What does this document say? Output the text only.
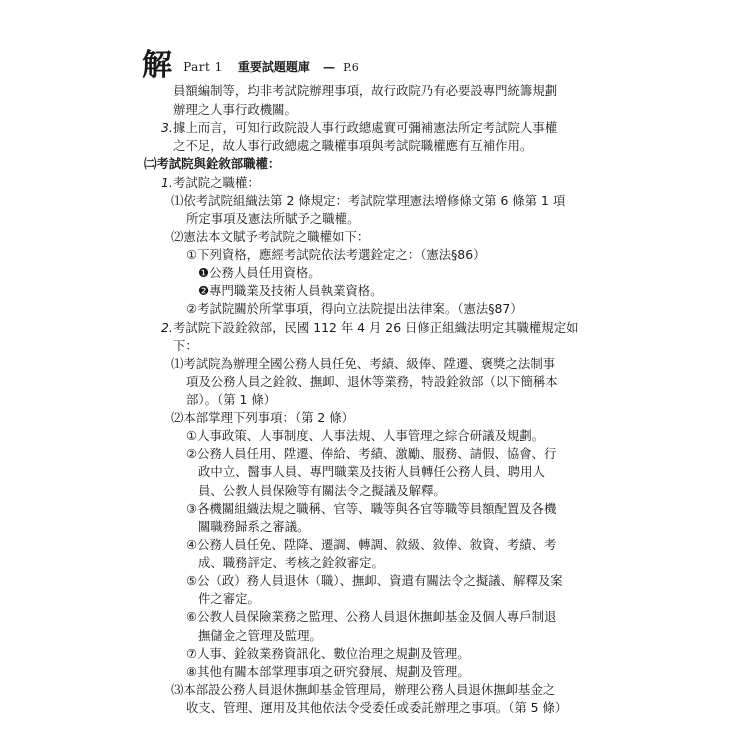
解 Part 1 重要試題題庫 — P.6
員額編制等，均非考試院辦理事項，故行政院乃有必要設專門統籌規劃
辦理之人事行政機關。
3. 據上而言，可知行政院設人事行政總處實可彌補憲法所定考試院人事權
之不足，故人事行政總處之職權事項與考試院職權應有互補作用。
㈡考試院與銓敘部職權：
1. 考試院之職權：
⑴依考試院組織法第 2 條規定：考試院掌理憲法增修條文第 6 條第 1 項
所定事項及憲法所賦予之職權。
⑵憲法本文賦予考試院之職權如下：
①下列資格，應經考試院依法考選銓定之：（憲法§86）
❶公務人員任用資格。
❷專門職業及技術人員執業資格。
②考試院關於所掌事項，得向立法院提出法律案。（憲法§87）
2. 考試院下設銓敘部，民國 112 年 4 月 26 日修正組織法明定其職權規定如
下：
⑴考試院為辦理全國公務人員任免、考績、級俸、陞遷、褒獎之法制事
項及公務人員之銓敘、撫卹、退休等業務，特設銓敘部（以下簡稱本
部）。（第 1 條）
⑵本部掌理下列事項：（第 2 條）
①人事政策、人事制度、人事法規、人事管理之綜合研議及規劃。
②公務人員任用、陞遷、俸給、考績、激勵、服務、請假、協會、行
政中立、醫事人員、專門職業及技術人員轉任公務人員、聘用人
員、公教人員保險等有關法令之擬議及解釋。
③各機關組織法規之職稱、官等、職等與各官等職等員額配置及各機
關職務歸系之審議。
④公務人員任免、陞降、遷調、轉調、敘級、敘俸、敘資、考績、考
成、職務評定、考核之銓敘審定。
⑤公（政）務人員退休（職）、撫卹、資遣有關法令之擬議、解釋及案
件之審定。
⑥公教人員保險業務之監理、公務人員退休撫卹基金及個人專戶制退
撫儲金之管理及監理。
⑦人事、銓敘業務資訊化、數位治理之規劃及管理。
⑧其他有關本部掌理事項之研究發展、規劃及管理。
⑶本部設公務人員退休撫卹基金管理局，辦理公務人員退休撫卹基金之
收支、管理、運用及其他依法令受委任或委託辦理之事項。（第 5 條）
